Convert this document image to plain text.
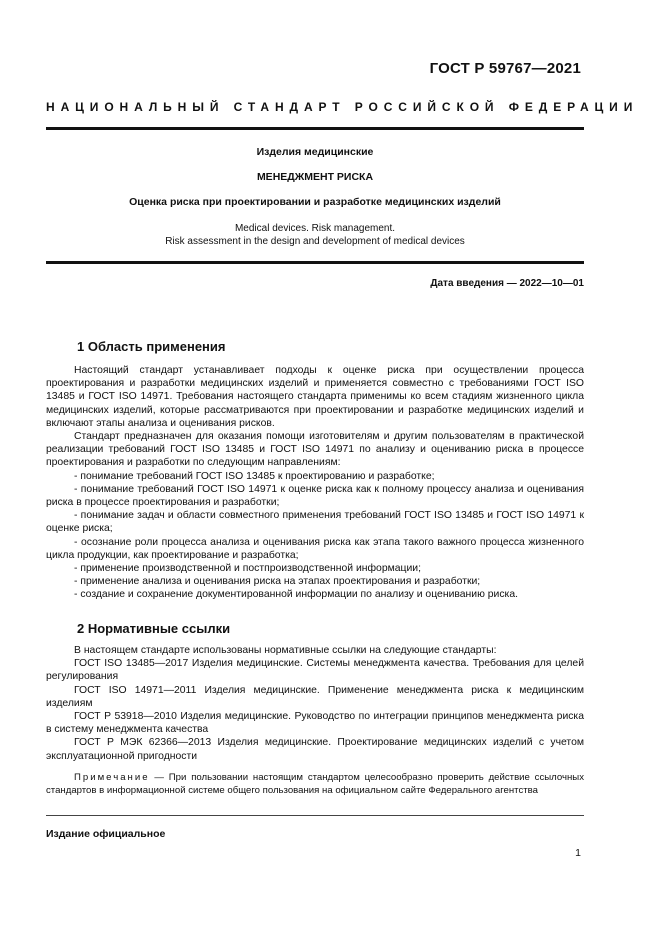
ГОСТ Р 59767—2021
НАЦИОНАЛЬНЫЙ СТАНДАРТ РОССИЙСКОЙ ФЕДЕРАЦИИ
Изделия медицинские
МЕНЕДЖМЕНТ РИСКА
Оценка риска при проектировании и разработке медицинских изделий
Medical devices. Risk management.
Risk assessment in the design and development of medical devices
Дата введения — 2022—10—01
1 Область применения

Настоящий стандарт устанавливает подходы к оценке риска при осуществлении процесса проектирования и разработки медицинских изделий и применяется совместно с требованиями ГОСТ ISO 13485 и ГОСТ ISO 14971. Требования настоящего стандарта применимы ко всем стадиям жизненного цикла медицинских изделий, которые рассматриваются при проектировании и разработке медицинских изделий и включают этапы анализа и оценивания рисков.

Стандарт предназначен для оказания помощи изготовителям и другим пользователям в практической реализации требований ГОСТ ISO 13485 и ГОСТ ISO 14971 по анализу и оцениванию риска в процессе проектирования и разработки по следующим направлениям:

- понимание требований ГОСТ ISO 13485 к проектированию и разработке;

- понимание требований ГОСТ ISO 14971 к оценке риска как к полному процессу анализа и оценивания риска в процессе проектирования и разработки;

- понимание задач и области совместного применения требований ГОСТ ISO 13485 и ГОСТ ISO 14971 к оценке риска;

- осознание роли процесса анализа и оценивания риска как этапа такого важного процесса жизненного цикла продукции, как проектирование и разработка;

- применение производственной и постпроизводственной информации;

- применение анализа и оценивания риска на этапах проектирования и разработки;

- создание и сохранение документированной информации по анализу и оцениванию риска.

2 Нормативные ссылки

В настоящем стандарте использованы нормативные ссылки на следующие стандарты:

ГОСТ ISO 13485—2017 Изделия медицинские. Системы менеджмента качества. Требования для целей регулирования

ГОСТ ISO 14971—2011 Изделия медицинские. Применение менеджмента риска к медицинским изделиям

ГОСТ Р 53918—2010 Изделия медицинские. Руководство по интеграции принципов менеджмента риска в систему менеджмента качества

ГОСТ Р МЭК 62366—2013 Изделия медицинские. Проектирование медицинских изделий с учетом эксплуатационной пригодности

Примечание — При пользовании настоящим стандартом целесообразно проверить действие ссылочных стандартов в информационной системе общего пользования на официальном сайте Федерального агентства

Издание официальное
1
